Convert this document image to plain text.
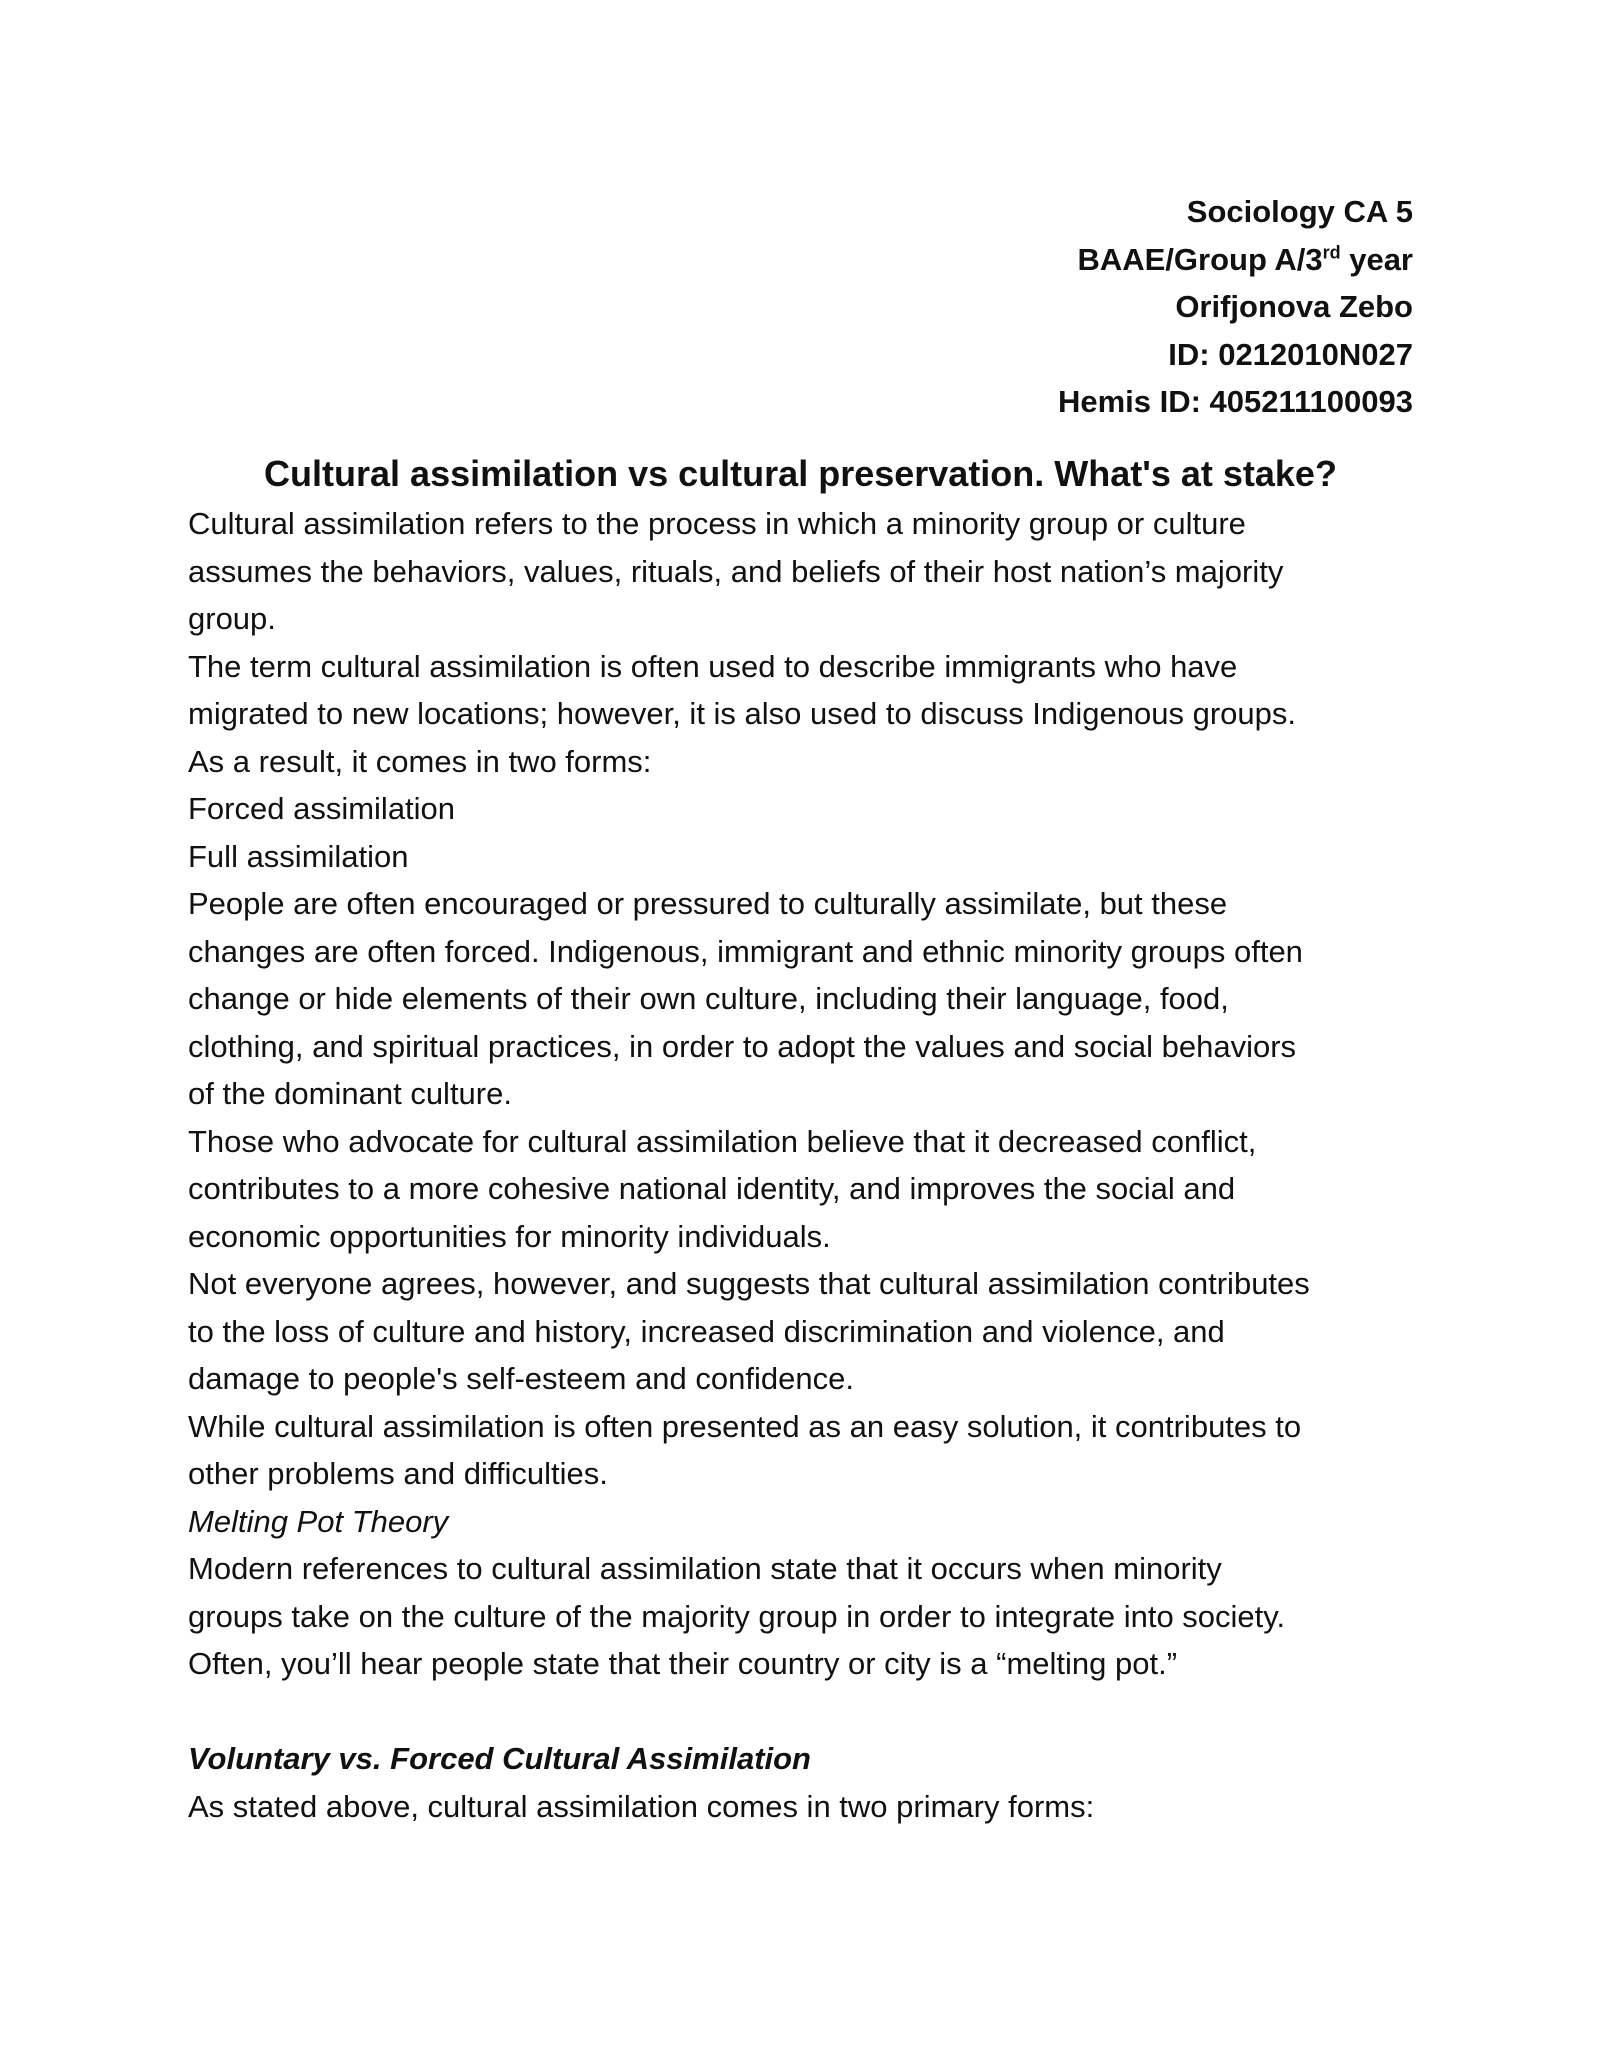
Sociology CA 5
BAAE/Group A/3rd year
Orifjonova Zebo
ID: 0212010N027
Hemis ID: 405211100093
Cultural assimilation vs cultural preservation. What's at stake?
Cultural assimilation refers to the process in which a minority group or culture
assumes the behaviors, values, rituals, and beliefs of their host nation’s majority
group.
The term cultural assimilation is often used to describe immigrants who have
migrated to new locations; however, it is also used to discuss Indigenous groups.
As a result, it comes in two forms:
Forced assimilation
Full assimilation
People are often encouraged or pressured to culturally assimilate, but these
changes are often forced. Indigenous, immigrant and ethnic minority groups often
change or hide elements of their own culture, including their language, food,
clothing, and spiritual practices, in order to adopt the values and social behaviors
of the dominant culture.
Those who advocate for cultural assimilation believe that it decreased conflict,
contributes to a more cohesive national identity, and improves the social and
economic opportunities for minority individuals.
Not everyone agrees, however, and suggests that cultural assimilation contributes
to the loss of culture and history, increased discrimination and violence, and
damage to people's self-esteem and confidence.
While cultural assimilation is often presented as an easy solution, it contributes to
other problems and difficulties.
Melting Pot Theory
Modern references to cultural assimilation state that it occurs when minority
groups take on the culture of the majority group in order to integrate into society.
Often, you’ll hear people state that their country or city is a “melting pot.”
Voluntary vs. Forced Cultural Assimilation
As stated above, cultural assimilation comes in two primary forms:
